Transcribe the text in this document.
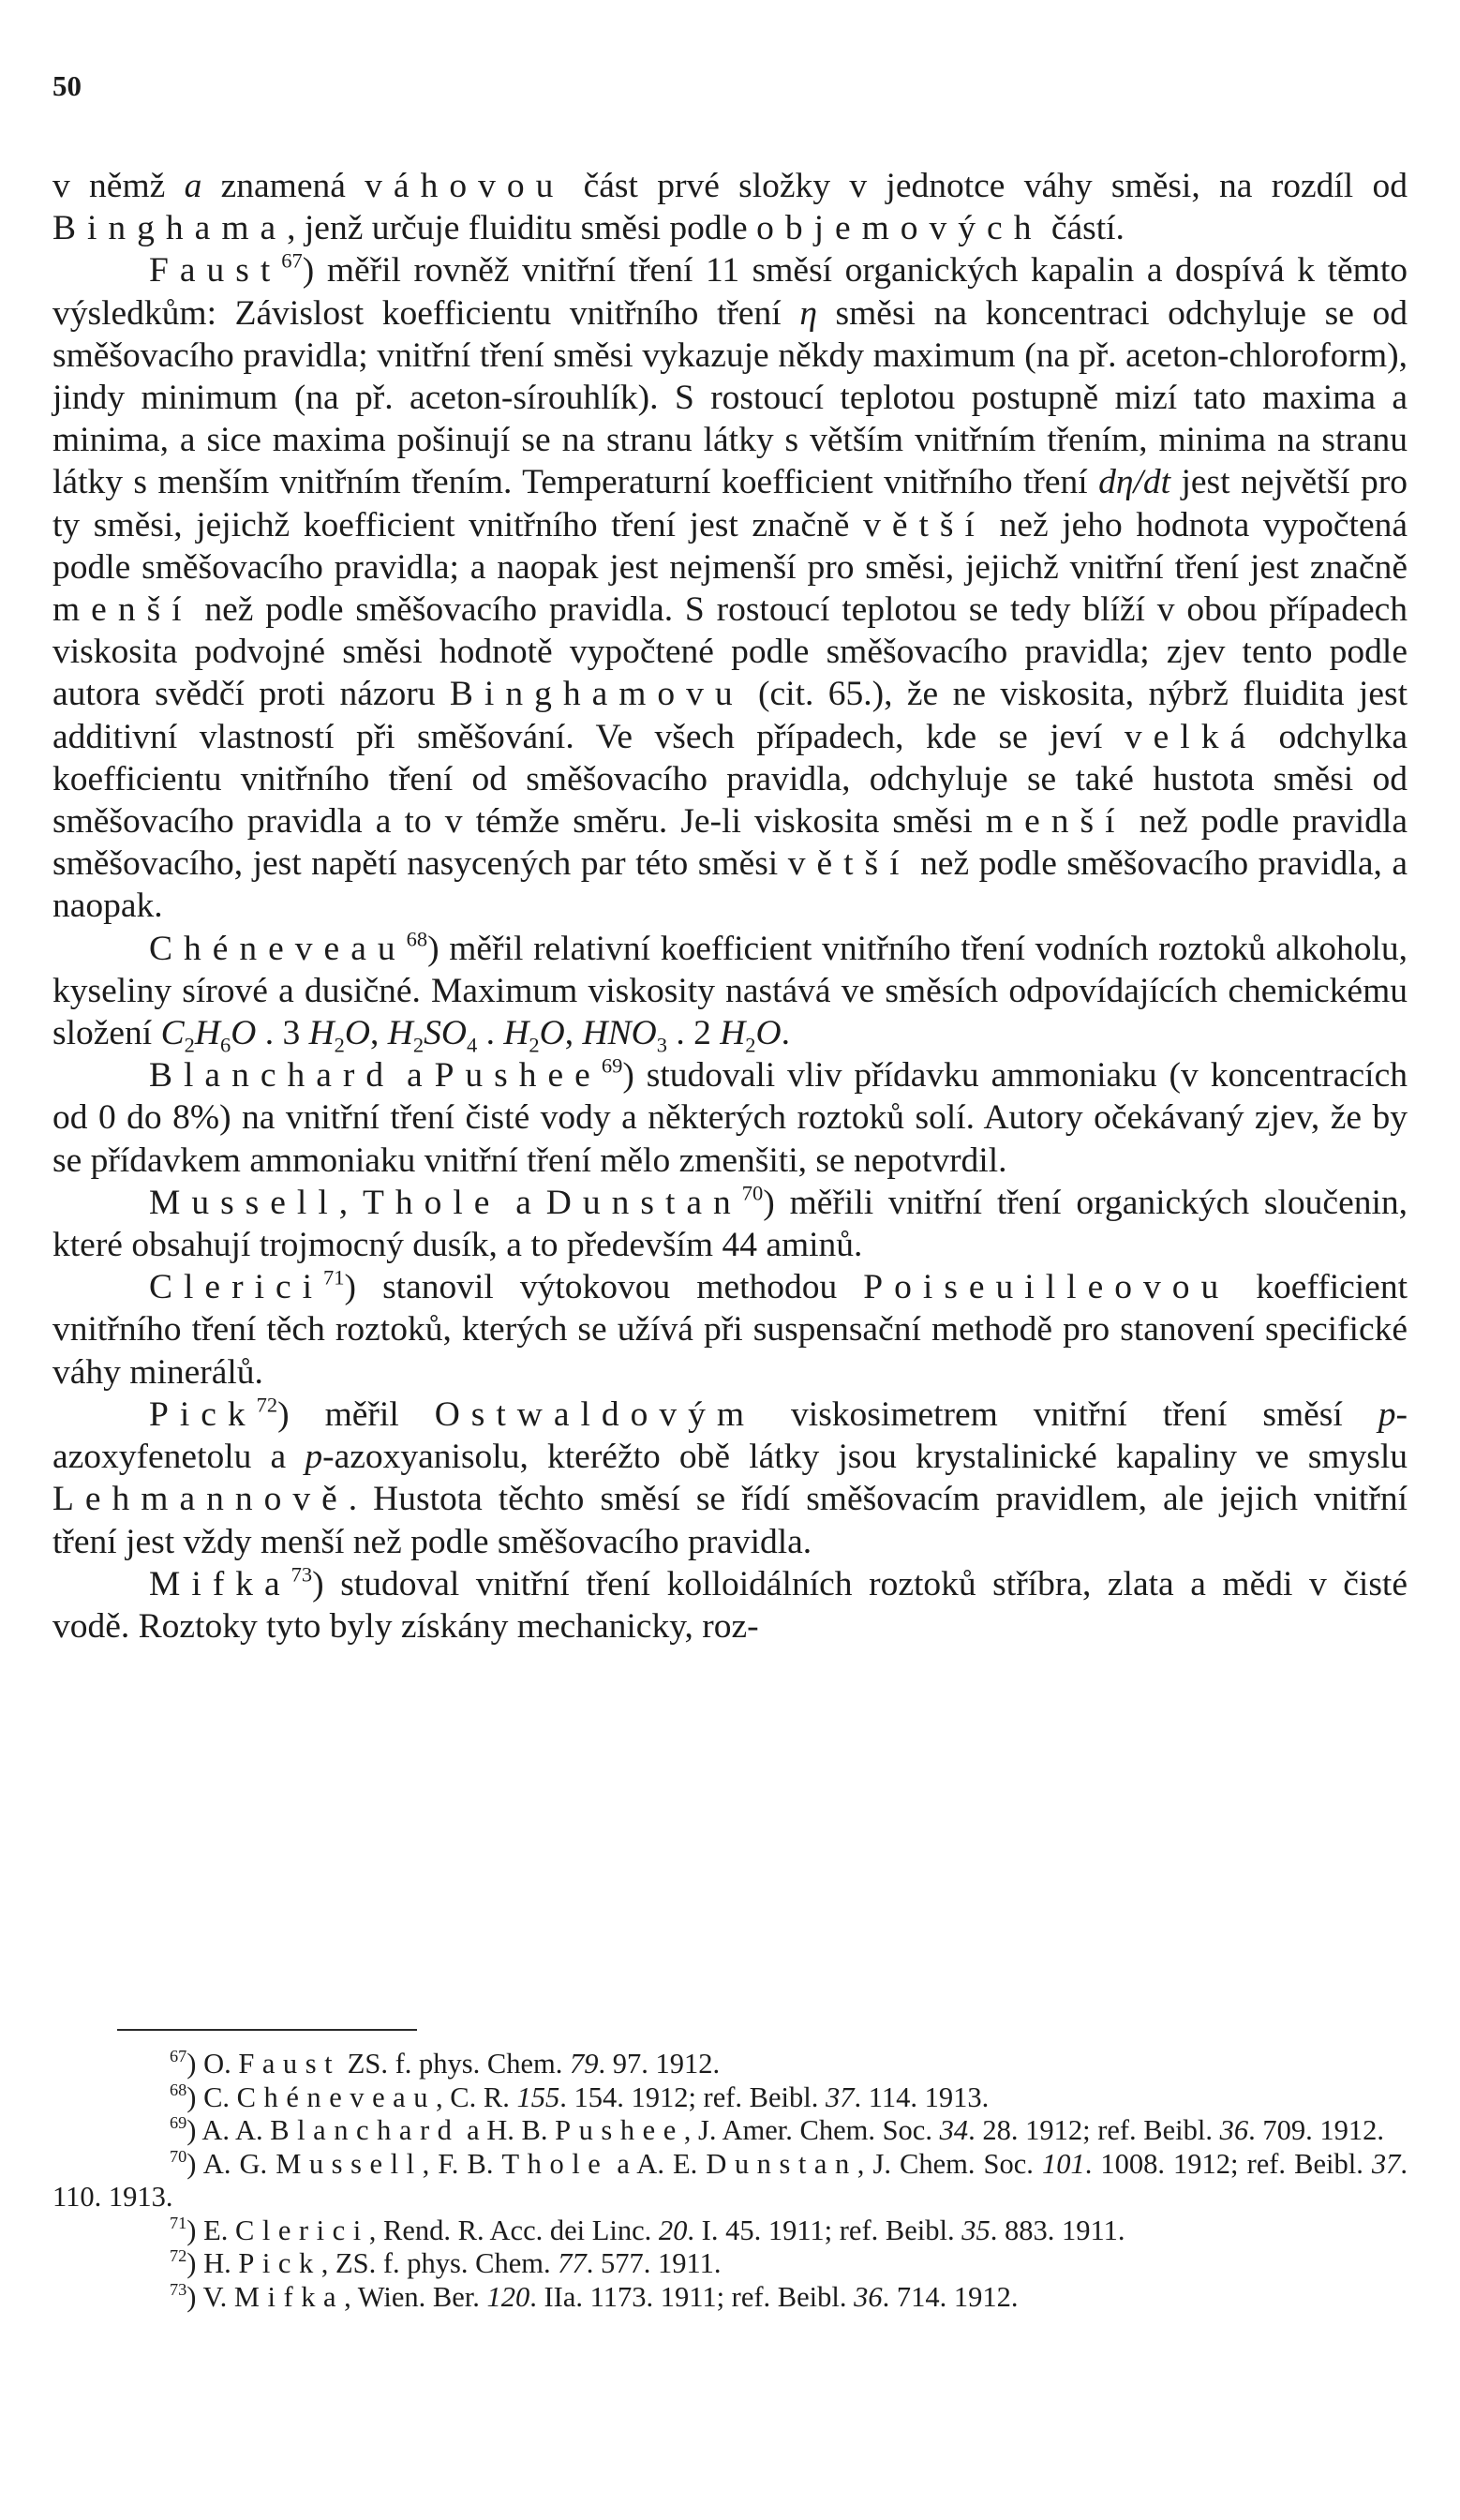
50

v němž a znamená váhovou část prvé složky v jednotce váhy směsi, na rozdíl od Binghama, jenž určuje fluiditu směsi podle objemových částí.

Faust$^{67}$) měřil rovněž vnitřní tření 11 směsí organických kapalin a dospívá k těmto výsledkům: Závislost koefficientu vnitřního tření η směsi na koncentraci odchyluje se od směšovacího pravidla; vnitřní tření směsi vykazuje někdy maximum (na př. aceton-chloroform), jindy minimum (na př. aceton-sírouhlík). S rostoucí teplotou postupně mizí tato maxima a minima, a sice maxima pošinují se na stranu látky s větším vnitřním třením, minima na stranu látky s menším vnitřním třením. Temperaturní koefficient vnitřního tření dη/dt jest největší pro ty směsi, jejichž koefficient vnitřního tření jest značně větší než jeho hodnota vypočtená podle směšovacího pravidla; a naopak jest nejmenší pro směsi, jejichž vnitřní tření jest značně menší než podle směšovacího pravidla. S rostoucí teplotou se tedy blíží v obou případech viskosita podvojné směsi hodnotě vypočtené podle směšovacího pravidla; zjev tento podle autora svědčí proti názoru Binghamovu (cit. 65.), že ne viskosita, nýbrž fluidita jest additivní vlastností při směšování. Ve všech případech, kde se jeví velká odchylka koefficientu vnitřního tření od směšovacího pravidla, odchyluje se také hustota směsi od směšovacího pravidla a to v témže směru. Je-li viskosita směsi menší než podle pravidla směšovacího, jest napětí nasycených par této směsi větší než podle směšovacího pravidla, a naopak.

Chéneveau$^{68}$) měřil relativní koefficient vnitřního tření vodních roztoků alkoholu, kyseliny sírové a dusičné. Maximum viskosity nastává ve směsích odpovídajících chemickému složení $C_2H_6O$ . 3 $H_2O$, $H_2SO_4$ . $H_2O$, $HNO_3$ . 2 $H_2O$.

Blanchard a Pushee$^{69}$) studovali vliv přídavku ammoniaku (v koncentracích od 0 do 8%) na vnitřní tření čisté vody a některých roztoků solí. Autory očekávaný zjev, že by se přídavkem ammoniaku vnitřní tření mělo zmenšiti, se nepotvrdil.

Mussell, Thole a Dunstan$^{70}$) měřili vnitřní tření organických sloučenin, které obsahují trojmocný dusík, a to především 44 aminů.

Clerici$^{71}$) stanovil výtokovou methodou Poiseuilleovou koefficient vnitřního tření těch roztoků, kterých se užívá při suspensační methodě pro stanovení specifické váhy minerálů.

Pick$^{72}$) měřil Ostwaldovým viskosimetrem vnitřní tření směsí p-azoxyfenetolu a p-azoxyanisolu, kteréžto obě látky jsou krystalinické kapaliny ve smyslu Lehmannově. Hustota těchto směsí se řídí směšovacím pravidlem, ale jejich vnitřní tření jest vždy menší než podle směšovacího pravidla.

Mifka$^{73}$) studoval vnitřní tření kolloidálních roztoků stříbra, zlata a mědi v čisté vodě. Roztoky tyto byly získány mechanicky, roz-

$^{67}$) O. Faust ZS. f. phys. Chem. 79. 97. 1912.

$^{68}$) C. Chéneveau, C. R. 155. 154. 1912; ref. Beibl. 37. 114. 1913.

$^{69}$) A. A. Blanchard a H. B. Pushee, J. Amer. Chem. Soc. 34. 28. 1912; ref. Beibl. 36. 709. 1912.

$^{70}$) A. G. Mussell, F. B. Thole a A. E. Dunstan, J. Chem. Soc. 101. 1008. 1912; ref. Beibl. 37. 110. 1913.

$^{71}$) E. Clerici, Rend. R. Acc. dei Linc. 20. I. 45. 1911; ref. Beibl. 35. 883. 1911.

$^{72}$) H. Pick, ZS. f. phys. Chem. 77. 577. 1911.

$^{73}$) V. Mifka, Wien. Ber. 120. IIa. 1173. 1911; ref. Beibl. 36. 714. 1912.
